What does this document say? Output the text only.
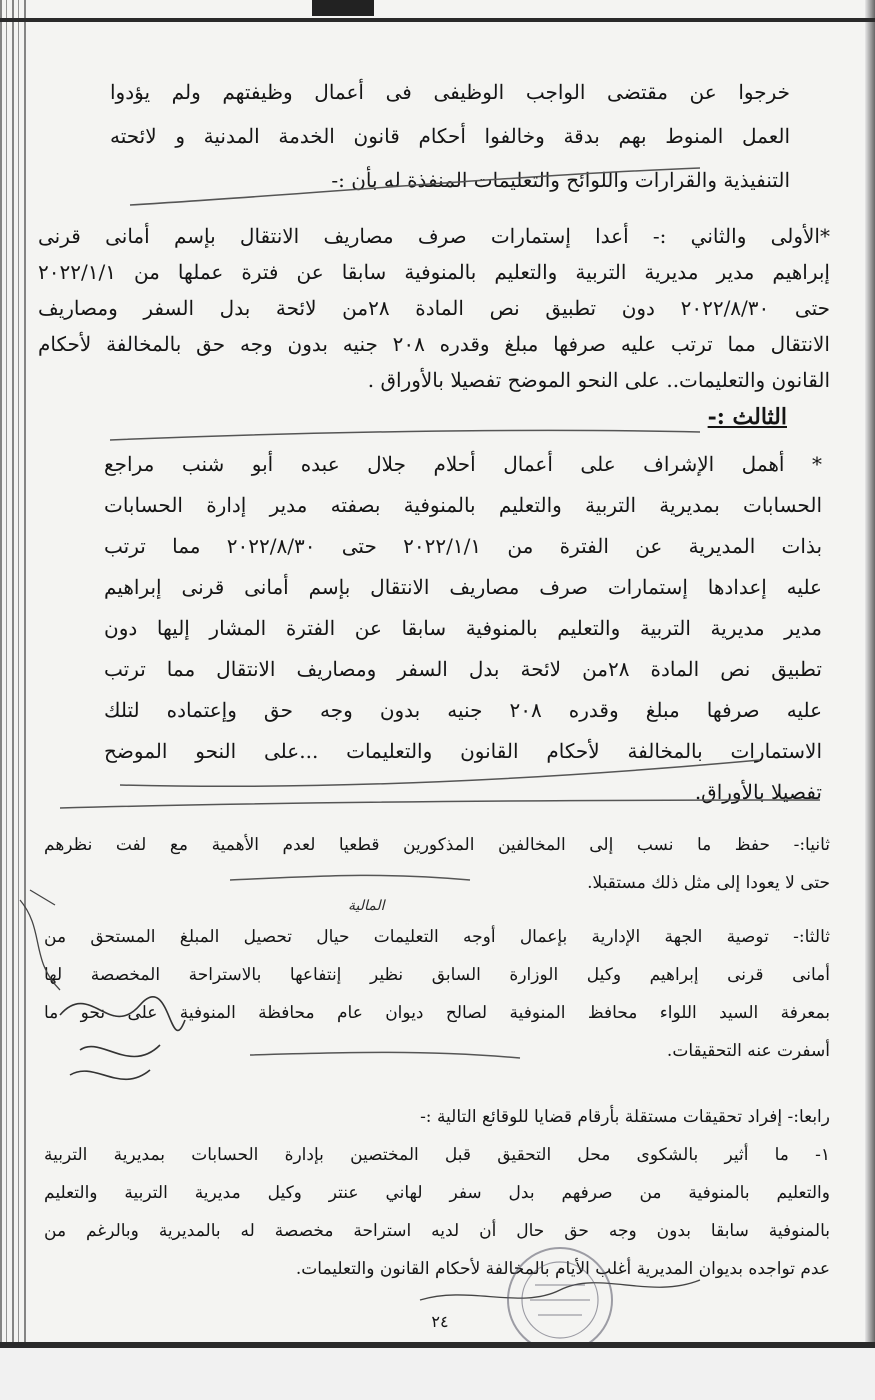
خرجوا عن مقتضى الواجب الوظيفى فى أعمال وظيفتهم ولم يؤدوا
العمل المنوط بهم بدقة وخالفوا أحكام قانون الخدمة المدنية و لائحته
التنفيذية والقرارات واللوائح والتعليمات المنفذة له بأن :-
*الأولى والثاني :- أعدا إستمارات صرف مصاريف الانتقال بإسم أمانى قرنى
إبراهيم مدير مديرية التربية والتعليم بالمنوفية سابقا عن فترة عملها من ٢٠٢٢/١/١
حتى ٢٠٢٢/٨/٣٠ دون تطبيق نص المادة ٢٨من لائحة بدل السفر ومصاريف
الانتقال مما ترتب عليه صرفها مبلغ وقدره ٢٠٨ جنيه بدون وجه حق بالمخالفة لأحكام
القانون والتعليمات.. على النحو الموضح تفصيلا بالأوراق .
الثالث :-
* أهمل الإشراف على أعمال أحلام جلال عبده أبو شنب مراجع
الحسابات بمديرية التربية والتعليم بالمنوفية بصفته مدير إدارة الحسابات
بذات المديرية عن الفترة من ٢٠٢٢/١/١ حتى ٢٠٢٢/٨/٣٠ مما ترتب
عليه إعدادها إستمارات صرف مصاريف الانتقال بإسم أمانى قرنى إبراهيم
مدير مديرية التربية والتعليم بالمنوفية سابقا عن الفترة المشار إليها دون
تطبيق نص المادة ٢٨من لائحة بدل السفر ومصاريف الانتقال مما ترتب
عليه صرفها مبلغ وقدره ٢٠٨ جنيه بدون وجه حق وإعتماده لتلك
الاستمارات بالمخالفة لأحكام القانون والتعليمات ...على النحو الموضح
تفصيلا بالأوراق.
ثانيا:- حفظ ما نسب إلى المخالفين المذكورين قطعيا لعدم الأهمية مع لفت نظرهم
حتى لا يعودا إلى مثل ذلك مستقبلا.
المالية
ثالثا:- توصية الجهة الإدارية بإعمال أوجه التعليمات حيال تحصيل المبلغ المستحق من
أمانى قرنى إبراهيم وكيل الوزارة السابق نظير إنتفاعها بالاستراحة المخصصة لها
بمعرفة السيد اللواء محافظ المنوفية لصالح ديوان عام محافظة المنوفية على نحو ما
أسفرت عنه التحقيقات.
رابعا:- إفراد تحقيقات مستقلة بأرقام قضايا للوقائع التالية :-
١- ما أثير بالشكوى محل التحقيق قبل المختصين بإدارة الحسابات بمديرية التربية
والتعليم بالمنوفية من صرفهم بدل سفر لهاني عنتر وكيل مديرية التربية والتعليم
بالمنوفية سابقا بدون وجه حق حال أن لديه استراحة مخصصة له بالمديرية وبالرغم من
عدم تواجده بديوان المديرية أغلب الأيام بالمخالفة لأحكام القانون والتعليمات.
٢٤
